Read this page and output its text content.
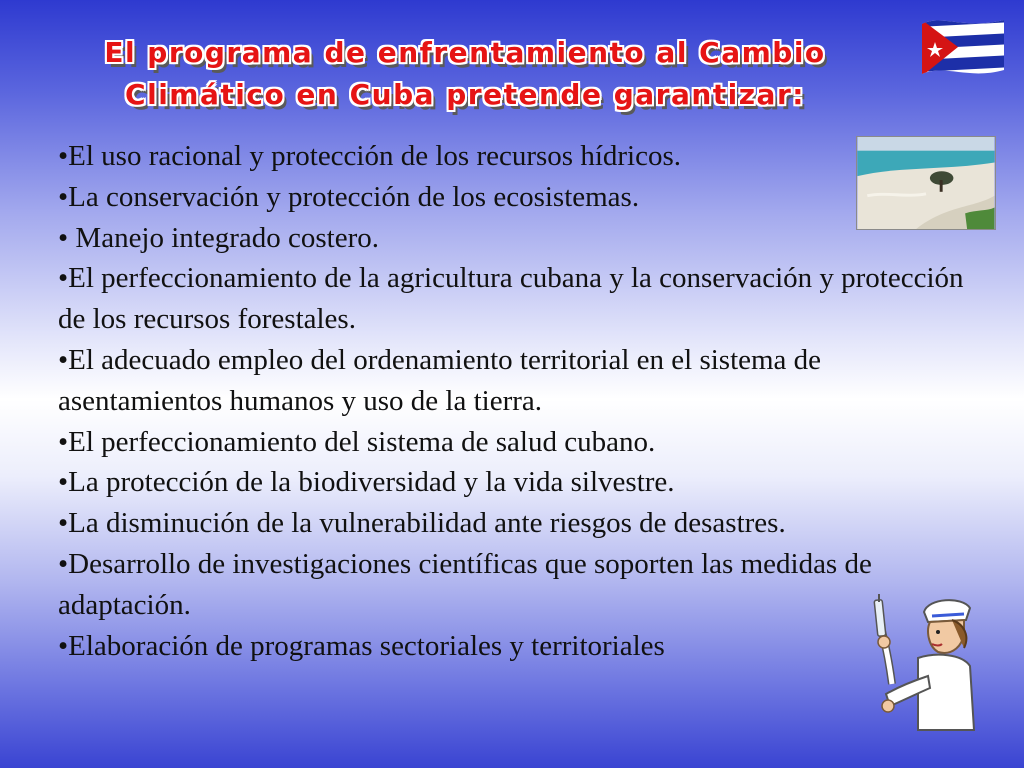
El programa de enfrentamiento al Cambio
Climático en Cuba pretende garantizar:
• El uso racional y protección de los recursos hídricos.
• La conservación y protección de los ecosistemas.
• Manejo integrado costero.
• El perfeccionamiento de la agricultura cubana y la conservación y protección de los recursos forestales.
• El adecuado empleo del ordenamiento territorial en el sistema de asentamientos humanos y uso de la tierra.
• El perfeccionamiento del sistema de salud cubano.
• La protección de la biodiversidad y la vida silvestre.
• La disminución de la vulnerabilidad ante riesgos de desastres.
• Desarrollo de investigaciones científicas que soporten las medidas de adaptación.
• Elaboración de programas sectoriales y territoriales
